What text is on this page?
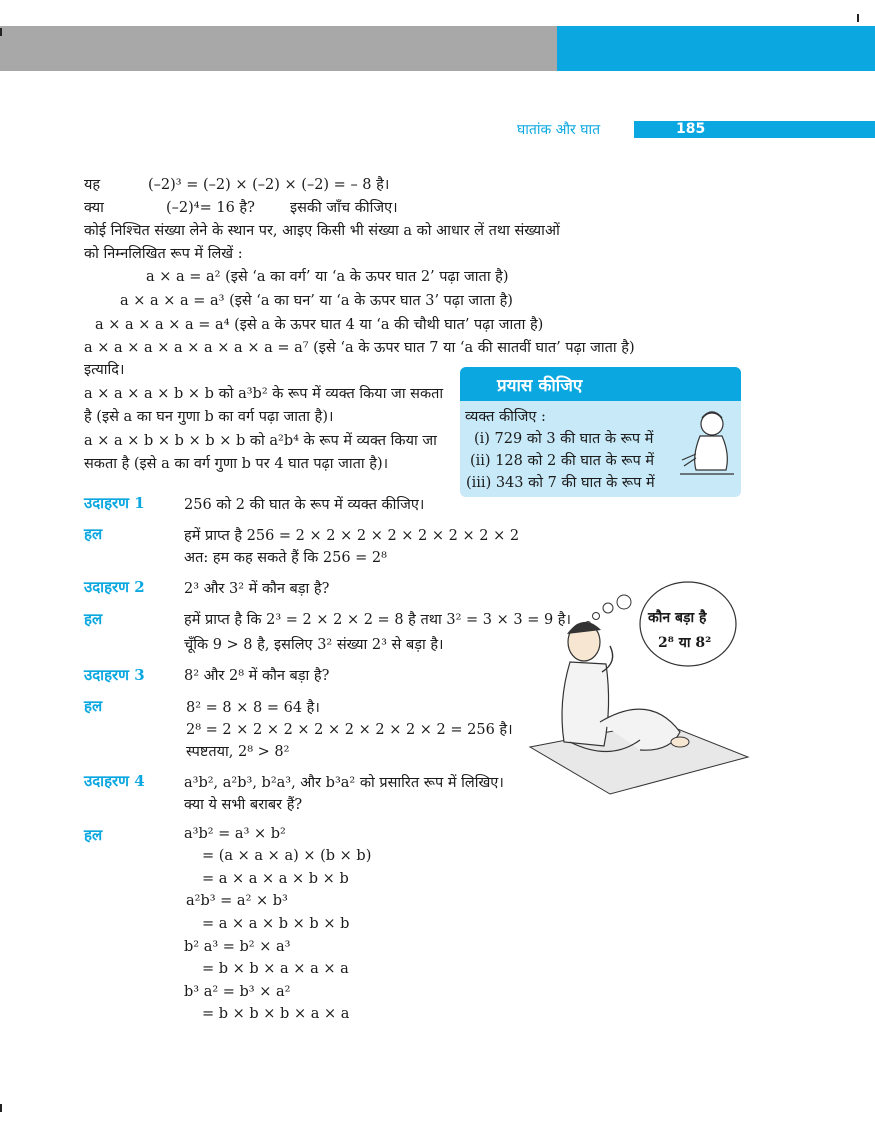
घातांक और घात	185
यह	(–2)³ = (–2) × (–2) × (–2) = – 8 है।
क्या	(–2)⁴= 16 है? इसकी जाँच कीजिए।
कोई निश्चित संख्या लेने के स्थान पर, आइए किसी भी संख्या a को आधार लें तथा संख्याओं
को निम्नलिखित रूप में लिखें :
a × a = a² (इसे ‘a का वर्ग’ या ‘a के ऊपर घात 2’ पढ़ा जाता है)
a × a × a = a³ (इसे ‘a का घन’ या ‘a के ऊपर घात 3’ पढ़ा जाता है)
a × a × a × a = a⁴ (इसे a के ऊपर घात 4 या ‘a की चौथी घात’ पढ़ा जाता है)
a × a × a × a × a × a × a = a⁷ (इसे ‘a के ऊपर घात 7 या ‘a की सातवीं घात’ पढ़ा जाता है)
इत्यादि।
a × a × a × b × b को a³b² के रूप में व्यक्त किया जा सकता
है (इसे a का घन गुणा b का वर्ग पढ़ा जाता है)।
a × a × b × b × b × b को a²b⁴ के रूप में व्यक्त किया जा
सकता है (इसे a का वर्ग गुणा b पर 4 घात पढ़ा जाता है)।
प्रयास कीजिए
व्यक्त कीजिए :
(i) 729 को 3 की घात के रूप में
(ii) 128 को 2 की घात के रूप में
(iii) 343 को 7 की घात के रूप में
उदाहरण 1	256 को 2 की घात के रूप में व्यक्त कीजिए।
हल	हमें प्राप्त है 256 = 2 × 2 × 2 × 2 × 2 × 2 × 2 × 2
अत: हम कह सकते हैं कि 256 = 2⁸
उदाहरण 2	2³ और 3² में कौन बड़ा है?
हल	हमें प्राप्त है कि 2³ = 2 × 2 × 2 = 8 है तथा 3² = 3 × 3 = 9 है।
चूँकि 9 > 8 है, इसलिए 3² संख्या 2³ से बड़ा है।
उदाहरण 3	8² और 2⁸ में कौन बड़ा है?
हल	8² = 8 × 8 = 64 है।
2⁸ = 2 × 2 × 2 × 2 × 2 × 2 × 2 × 2 = 256 है।
स्पष्टतया, 2⁸ > 8²
कौन बड़ा है
2⁸ या 8²
उदाहरण 4	a³b², a²b³, b²a³, और b³a² को प्रसारित रूप में लिखिए।
क्या ये सभी बराबर हैं?
हल	a³b² = a³ × b²
= (a × a × a) × (b × b)
= a × a × a × b × b
a²b³ = a² × b³
= a × a × b × b × b
b² a³ = b² × a³
= b × b × a × a × a
b³ a² = b³ × a²
= b × b × b × a × a
